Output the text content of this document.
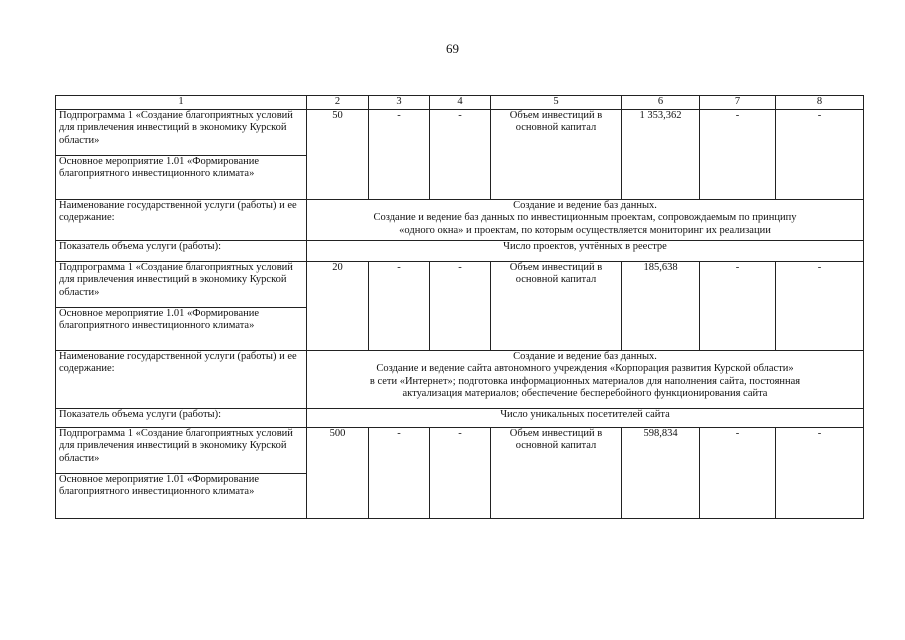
69
1	2	3	4	5	6	7	8
Подпрограмма 1 «Создание благоприятных условий для привлечения инвестиций в экономику Курской области»	50	-	-	Объем инвестиций в основной капитал	1 353,362	-	-
Основное мероприятие 1.01 «Формирование благоприятного инвестиционного климата»							
Наименование государственной услуги (работы) и ее содержание:	Создание и ведение баз данных.
Создание и ведение баз данных по инвестиционным проектам, сопровождаемым по принципу
«одного окна» и проектам, по которым осуществляется мониторинг их реализации						

Показатель объема услуги (работы):	Число проектов, учтённых в реестре						
Подпрограмма 1 «Создание благоприятных условий для привлечения инвестиций в экономику Курской области»	20	-	-	Объем инвестиций в основной капитал	185,638	-	-
Основное мероприятие 1.01 «Формирование благоприятного инвестиционного климата»							
Наименование государственной услуги (работы) и ее содержание:	Создание и ведение баз данных.
Создание и ведение сайта автономного учреждения «Корпорация развития Курской области»
в сети «Интернет»; подготовка информационных материалов для наполнения сайта, постоянная
актуализация материалов; обеспечение бесперебойного функционирования сайта						

Показатель объема услуги (работы):	Число уникальных посетителей сайта						
Подпрограмма 1 «Создание благоприятных условий для привлечения инвестиций в экономику Курской области»	500	-	-	Объем инвестиций в основной капитал	598,834	-	-
Основное мероприятие 1.01 «Формирование благоприятного инвестиционного климата»							
